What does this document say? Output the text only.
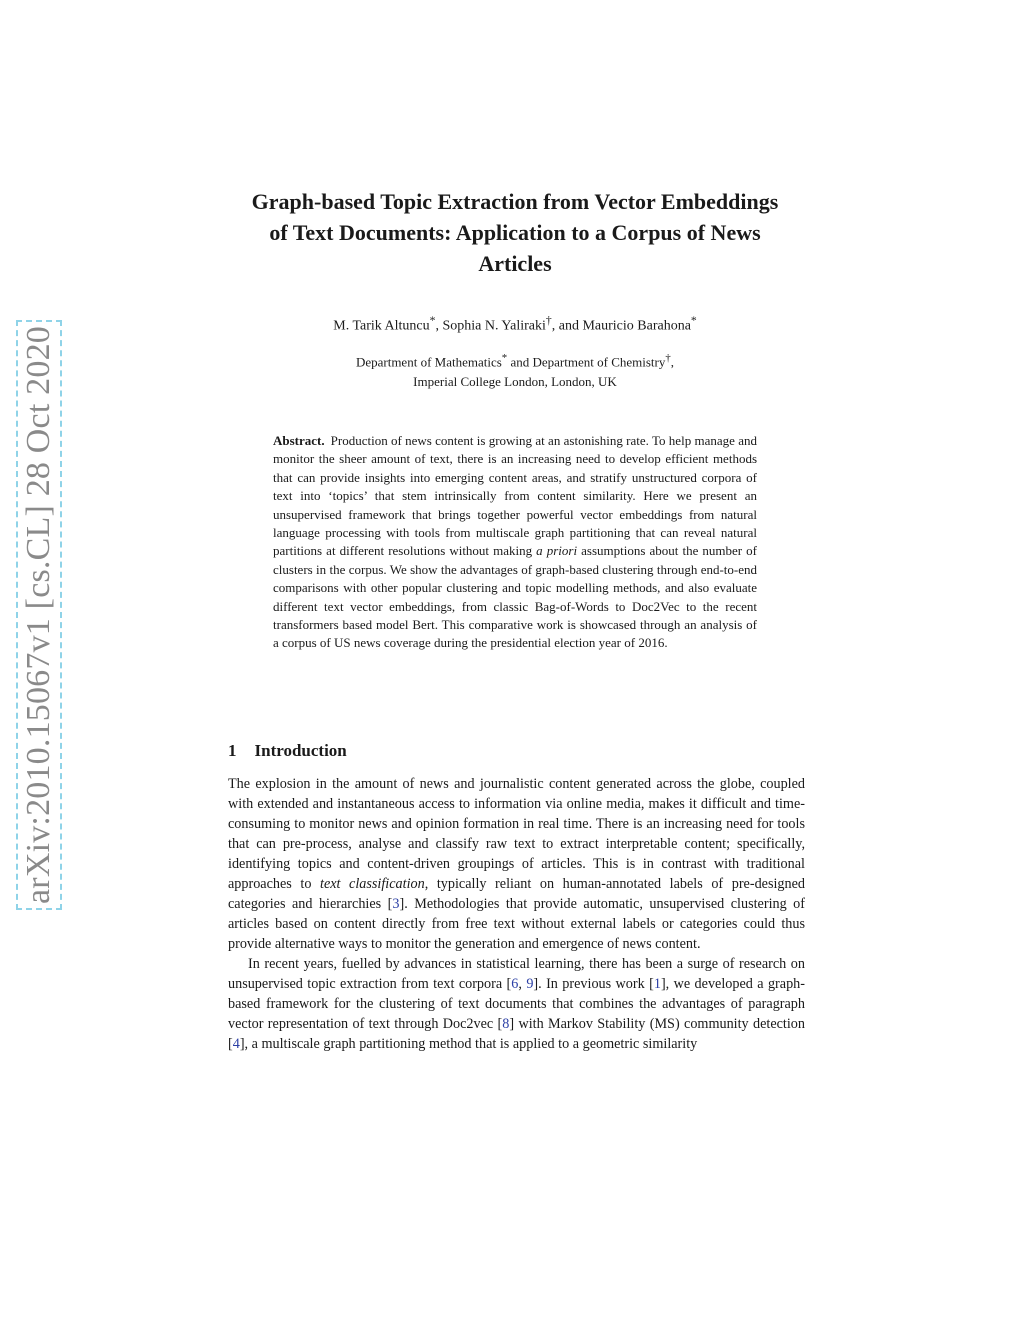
arXiv:2010.15067v1 [cs.CL] 28 Oct 2020
Graph-based Topic Extraction from Vector Embeddings of Text Documents: Application to a Corpus of News Articles
M. Tarik Altuncu*, Sophia N. Yaliraki†, and Mauricio Barahona*
Department of Mathematics* and Department of Chemistry†,
Imperial College London, London, UK
Abstract. Production of news content is growing at an astonishing rate. To help manage and monitor the sheer amount of text, there is an increasing need to develop efficient methods that can provide insights into emerging content areas, and stratify unstructured corpora of text into ‘topics’ that stem intrinsically from content similarity. Here we present an unsupervised framework that brings together powerful vector embeddings from natural language processing with tools from multiscale graph partitioning that can reveal natural partitions at different resolutions without making a priori assumptions about the number of clusters in the corpus. We show the advantages of graph-based clustering through end-to-end comparisons with other popular clustering and topic modelling methods, and also evaluate different text vector embeddings, from classic Bag-of-Words to Doc2Vec to the recent transformers based model Bert. This comparative work is showcased through an analysis of a corpus of US news coverage during the presidential election year of 2016.
1 Introduction

The explosion in the amount of news and journalistic content generated across the globe, coupled with extended and instantaneous access to information via online media, makes it difficult and time-consuming to monitor news and opinion formation in real time. There is an increasing need for tools that can pre-process, analyse and classify raw text to extract interpretable content; specifically, identifying topics and content-driven groupings of articles. This is in contrast with traditional approaches to text classification, typically reliant on human-annotated labels of pre-designed categories and hierarchies [3]. Methodologies that provide automatic, unsupervised clustering of articles based on content directly from free text without external labels or categories could thus provide alternative ways to monitor the generation and emergence of news content.

In recent years, fuelled by advances in statistical learning, there has been a surge of research on unsupervised topic extraction from text corpora [6, 9]. In previous work [1], we developed a graph-based framework for the clustering of text documents that combines the advantages of paragraph vector representation of text through Doc2vec [8] with Markov Stability (MS) community detection [4], a multiscale graph partitioning method that is applied to a geometric similarity
